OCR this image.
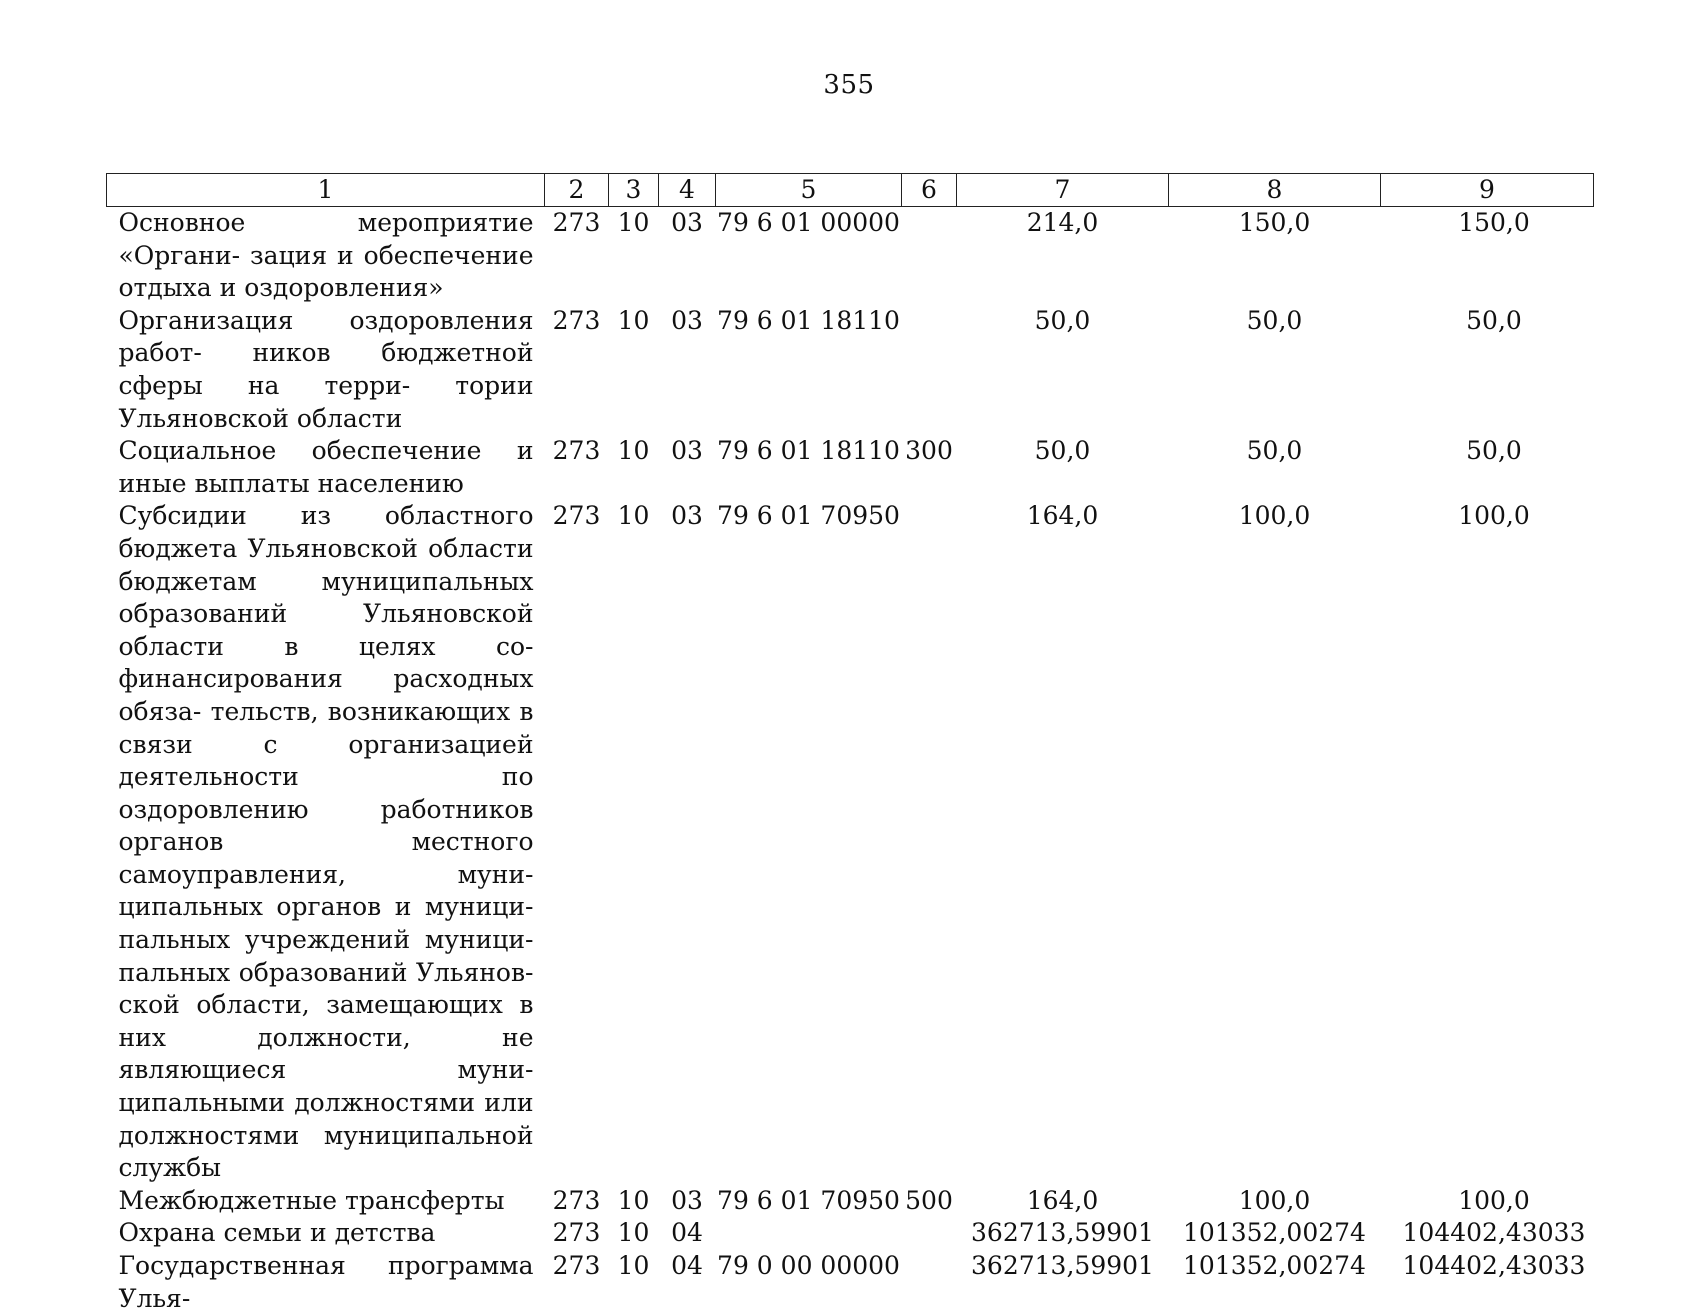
355
1	2	3	4	5	6	7	8	9
Основное мероприятие «Органи- зация и обеспечение отдыха и оздоровления»	273	10	03	79 6 01 00000		214,0	150,0	150,0
Организация оздоровления работ- ников бюджетной сферы на терри- тории Ульяновской области	273	10	03	79 6 01 18110		50,0	50,0	50,0
Социальное обеспечение и иные выплаты населению	273	10	03	79 6 01 18110	300	50,0	50,0	50,0
Субсидии из областного бюджета Ульяновской области бюджетам муниципальных образований Ульяновской области в целях со- финансирования расходных обяза- тельств, возникающих в связи с организацией деятельности по оздоровлению работников органов местного самоуправления, муни- ципальных органов и муници- пальных учреждений муници- пальных образований Ульянов- ской области, замещающих в них должности, не являющиеся муни- ципальными должностями или должностями муниципальной службы	273	10	03	79 6 01 70950		164,0	100,0	100,0
Межбюджетные трансферты	273	10	03	79 6 01 70950	500	164,0	100,0	100,0
Охрана семьи и детства	273	10	04			362713,59901	101352,00274	104402,43033
Государственная программа Улья-	273	10	04	79 0 00 00000		362713,59901	101352,00274	104402,43033
